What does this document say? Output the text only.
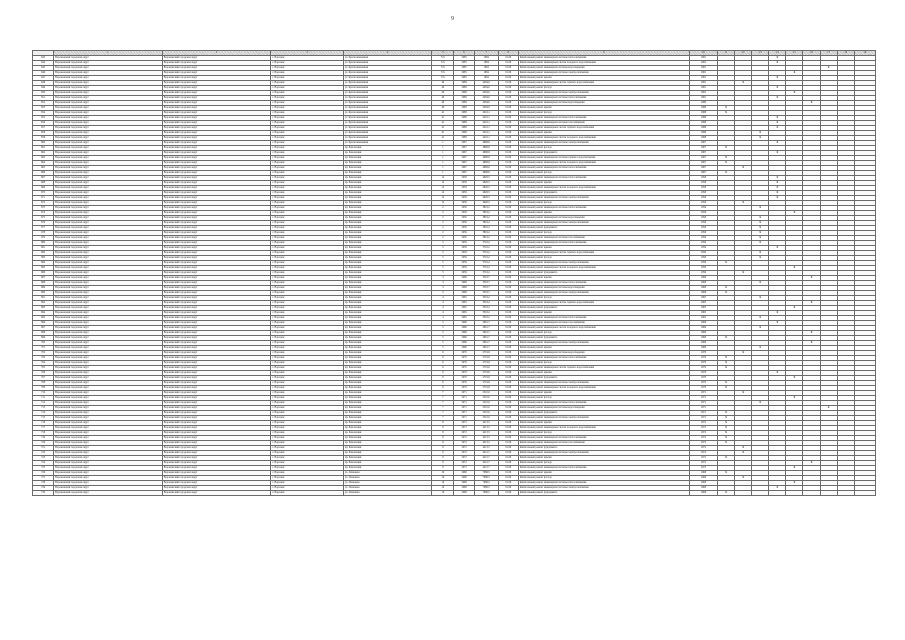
9
	1	2	3	4	5	6	7	8	9	10	11	12	13	14	15	16	17	18	19
643	Воронежский городской округ	Воронежский городской округ	г. Воронеж	ул. Краснознаменная	57а	1985	1984	01.06	Капитальный ремонт инженерной системы теплоснабжения	1981				Х					
644	Воронежский городской округ	Воронежский городской округ	г. Воронеж	ул. Краснознаменная	57а	1985	1984	01.06	Капитальный ремонт инженерных систем холодного водоснабжения	1981				Х					
645	Воронежский городской округ	Воронежский городской округ	г. Воронеж	ул. Краснознаменная	57а	1985	1984	01.06	Капитальный ремонт инженерной системы водоотведения	1981							Х		
646	Воронежский городской округ	Воронежский городской округ	г. Воронеж	ул. Краснознаменная	57а	1985	1984	01.06	Капитальный ремонт инженерной системы электроснабжения	1981					Х				
647	Воронежский городской округ	Воронежский городской округ	г. Воронеж	ул. Краснознаменная	57а	1985	1984	01.06	Капитальный ремонт крыши	1981				Х					
648	Воронежский городской округ	Воронежский городской округ	г. Воронеж	ул. Краснознаменная	40	1989	4284,0	01.06	Капитальный ремонт инженерных систем горячего водоснабжения	1981		Х							
649	Воронежский городской округ	Воронежский городской округ	г. Воронеж	ул. Краснознаменная	40	1989	4284,0	01.06	Капитальный ремонт фасада	1981				Х					
650	Воронежский городской округ	Воронежский городской округ	г. Воронеж	ул. Краснознаменная	40	1989	4284,0	01.06	Капитальный ремонт инженерной системы электроснабжения	1981					Х				
651	Воронежский городской округ	Воронежский городской округ	г. Воронеж	ул. Краснознаменная	40	1989	4284,0	01.06	Капитальный ремонт инженерной системы теплоснабжения	1981				Х					
652	Воронежский городской округ	Воронежский городской округ	г. Воронеж	ул. Краснознаменная	40	1989	4284,0	01.06	Капитальный ремонт инженерной системы водоотведения	1989						Х			
653	Воронежский городской округ	Воронежский городской округ	г. Воронеж	ул. Краснознаменная	40	1989	4284,0	01.06	Капитальный ремонт крыши	1989	Х								
654	Воронежский городской округ	Воронежский городской округ	г. Воронеж	ул. Краснознаменная	41	1988	4216,1	01.06	Капитальный ремонт фасада	1988	Х								
655	Воронежский городской округ	Воронежский городской округ	г. Воронеж	ул. Краснознаменная	41	1988	4216,1	01.06	Капитальный ремонт инженерной системы теплоснабжения	1988				Х					
656	Воронежский городской округ	Воронежский городской округ	г. Воронеж	ул. Краснознаменная	41	1988	4216,1	01.06	Капитальный ремонт инженерной системы газоснабжения	1988				Х					
657	Воронежский городской округ	Воронежский городской округ	г. Воронеж	ул. Краснознаменная	41	1988	4216,1	01.06	Капитальный ремонт инженерных систем горячего водоснабжения	1988				Х					
658	Воронежский городской округ	Воронежский городской округ	г. Воронеж	ул. Краснознаменная	41	1988	4216,1	01.06	Капитальный ремонт крыши	1988			Х						
659	Воронежский городской округ	Воронежский городской округ	г. Воронеж	ул. Краснознаменная	41	1988	4216,1	01.06	Капитальный ремонт инженерных систем холодного водоснабжения	1988			Х						
660	Воронежский городской округ	Воронежский городской округ	г. Воронеж	ул. Краснознаменная	1	1967	4868,8	01.06	Капитальный ремонт инженерной системы электроснабжения	1967				Х					
661	Воронежский городской округ	Воронежский городской округ	г. Воронеж	пр. Революции	1	1967	4868,8	01.06	Капитальный ремонт фасада	1967	Х								
662	Воронежский городской округ	Воронежский городской округ	г. Воронеж	пр. Революции	1	1967	4868,8	01.06	Капитальный ремонт фундамента	1967				Х					
663	Воронежский городской округ	Воронежский городской округ	г. Воронеж	пр. Революции	1	1967	4868,8	01.06	Капитальный ремонт инженерной системы горячего водоснабжения	1967	Х								
664	Воронежский городской округ	Воронежский городской округ	г. Воронеж	пр. Революции	1	1967	4868,8	01.06	Капитальный ремонт инженерных систем холодного водоснабжения	1967	Х								
665	Воронежский городской округ	Воронежский городской округ	г. Воронеж	пр. Революции	1	1967	4868,8	01.06	Капитальный ремонт инженерной системы теплоснабжения	1967		Х							
666	Воронежский городской округ	Воронежский городской округ	г. Воронеж	пр. Революции	1	1967	4868,8	01.06	Капитальный ремонт фасада	1967	Х								
667	Воронежский городской округ	Воронежский городской округ	г. Воронеж	пр. Революции	12	1958	4626,5	01.06	Капитальный ремонт инженерной системы теплоснабжения	1958				Х					
668	Воронежский городской округ	Воронежский городской округ	г. Воронеж	пр. Революции	12	1958	4626,5	01.06	Капитальный ремонт крыши	1958				Х					
669	Воронежский городской округ	Воронежский городской округ	г. Воронеж	пр. Революции	12	1958	4626,5	01.06	Капитальный ремонт инженерных систем холодного водоснабжения	1958				Х					
670	Воронежский городской округ	Воронежский городской округ	г. Воронеж	пр. Революции	12	1958	4626,5	01.06	Капитальный ремонт фундамента	1958				Х					
671	Воронежский городской округ	Воронежский городской округ	г. Воронеж	пр. Революции	12	1958	4626,5	01.06	Капитальный ремонт инженерной системы электроснабжения	1958				Х					
672	Воронежский городской округ	Воронежский городской округ	г. Воронеж	пр. Революции	12	1958	4626,5	01.06	Капитальный ремонт фасада	1958		Х							
673	Воронежский городской округ	Воронежский городской округ	г. Воронеж	пр. Революции	2	1956	3819,2	01.06	Капитальный ремонт инженерной системы теплоснабжения	1956			Х						
674	Воронежский городской округ	Воронежский городской округ	г. Воронеж	пр. Революции	2	1956	3819,2	01.06	Капитальный ремонт крыши	1956					Х				
675	Воронежский городской округ	Воронежский городской округ	г. Воронеж	пр. Революции	2	1956	3819,2	01.06	Капитальный ремонт инженерной системы водоотведения	1956			Х						
676	Воронежский городской округ	Воронежский городской округ	г. Воронеж	пр. Революции	2	1956	3819,2	01.06	Капитальный ремонт инженерной системы электроснабжения	1956			Х						
677	Воронежский городской округ	Воронежский городской округ	г. Воронеж	пр. Революции	2	1956	3819,2	01.06	Капитальный ремонт фундамента	1956			Х						
678	Воронежский городской округ	Воронежский городской округ	г. Воронеж	пр. Революции	2	1956	3819,2	01.06	Капитальный ремонт фасада	1956			Х						
679	Воронежский городской округ	Воронежский городской округ	г. Воронеж	пр. Революции	2	1956	3819,2	01.06	Капитальный ремонт инженерной системы газоснабжения	1956			Х						
680	Воронежский городской округ	Воронежский городской округ	г. Воронеж	пр. Революции	5	1959	3716,2	01.06	Капитальный ремонт инженерной системы теплоснабжения	1959			Х						
681	Воронежский городской округ	Воронежский городской округ	г. Воронеж	пр. Революции	5	1959	3716,2	01.06	Капитальный ремонт крыши	1959				Х					
682	Воронежский городской округ	Воронежский городской округ	г. Воронеж	пр. Революции	5	1959	3716,2	01.06	Капитальный ремонт инженерных систем горячего водоснабжения	1959			Х						
683	Воронежский городской округ	Воронежский городской округ	г. Воронеж	пр. Революции	5	1959	3716,2	01.06	Капитальный ремонт фасада	1959			Х						
684	Воронежский городской округ	Воронежский городской округ	г. Воронеж	пр. Революции	5	1959	3716,2	01.06	Капитальный ремонт инженерной системы электроснабжения	1959	Х								
685	Воронежский городской округ	Воронежский городской округ	г. Воронеж	пр. Революции	5	1959	3716,2	01.06	Капитальный ремонт инженерных систем холодного водоснабжения	1959					Х				
686	Воронежский городской округ	Воронежский городской округ	г. Воронеж	пр. Революции	5	1959	3716,2	01.06	Капитальный ремонт фундамента	1959		Х							
687	Воронежский городской округ	Воронежский городской округ	г. Воронеж	пр. Революции	3	1968	3318,7	01.06	Капитальный ремонт крыши	1968						Х			
688	Воронежский городской округ	Воронежский городской округ	г. Воронеж	пр. Революции	3	1968	3318,7	01.06	Капитальный ремонт инженерной системы теплоснабжения	1968			Х						
689	Воронежский городской округ	Воронежский городской округ	г. Воронеж	пр. Революции	3	1968	3318,7	01.06	Капитальный ремонт инженерной системы водоотведения	1968	Х								
690	Воронежский городской округ	Воронежский городской округ	г. Воронеж	пр. Революции	3	1968	3318,7	01.06	Капитальный ремонт инженерной системы электроснабжения	1968	Х								
691	Воронежский городской округ	Воронежский городской округ	г. Воронеж	пр. Революции	4	1965	3318,2	01.06	Капитальный ремонт фасада	1965			Х						
692	Воронежский городской округ	Воронежский городской округ	г. Воронеж	пр. Революции	4	1965	3318,2	01.06	Капитальный ремонт инженерных систем горячего водоснабжения	1965						Х			
693	Воронежский городской округ	Воронежский городской округ	г. Воронеж	пр. Революции	4	1965	3318,2	01.06	Капитальный ремонт фундамента	1965					Х				
694	Воронежский городской округ	Воронежский городской округ	г. Воронеж	пр. Революции	4	1965	3318,2	01.06	Капитальный ремонт крыши	1965				Х					
695	Воронежский городской округ	Воронежский городской округ	г. Воронеж	пр. Революции	4	1965	3318,2	01.06	Капитальный ремонт инженерной системы теплоснабжения	1965			Х						
696	Воронежский городской округ	Воронежский городской округ	г. Воронеж	пр. Революции	5	1966	2961,7	01.06	Капитальный ремонт инженерной системы газоснабжения	1966				Х					
697	Воронежский городской округ	Воронежский городской округ	г. Воронеж	пр. Революции	5	1966	2961,7	01.06	Капитальный ремонт инженерных систем холодного водоснабжения	1966			Х						
698	Воронежский городской округ	Воронежский городской округ	г. Воронеж	пр. Революции	5	1966	2961,7	01.06	Капитальный ремонт фасада	1966						Х			
699	Воронежский городской округ	Воронежский городской округ	г. Воронеж	пр. Революции	5	1966	2961,7	01.06	Капитальный ремонт фундамента	1966	Х								
700	Воронежский городской округ	Воронежский городской округ	г. Воронеж	пр. Революции	5	1966	2961,7	01.06	Капитальный ремонт инженерной системы электроснабжения	1966						Х			
701	Воронежский городской округ	Воронежский городской округ	г. Воронеж	пр. Революции	5	1966	2961,7	01.06	Капитальный ремонт крыши	1966			Х						
702	Воронежский городской округ	Воронежский городской округ	г. Воронеж	пр. Революции	6	1970	2719,8	01.06	Капитальный ремонт инженерной системы водоотведения	1970		Х							
703	Воронежский городской округ	Воронежский городской округ	г. Воронеж	пр. Революции	6	1970	2719,8	01.06	Капитальный ремонт инженерной системы теплоснабжения	1970	Х								
704	Воронежский городской округ	Воронежский городской округ	г. Воронеж	пр. Революции	6	1970	2719,8	01.06	Капитальный ремонт фасада	1970	Х								
705	Воронежский городской округ	Воронежский городской округ	г. Воронеж	пр. Революции	6	1970	2719,8	01.06	Капитальный ремонт инженерных систем горячего водоснабжения	1970	Х								
706	Воронежский городской округ	Воронежский городской округ	г. Воронеж	пр. Революции	6	1970	2719,8	01.06	Капитальный ремонт крыши	1970				Х					
707	Воронежский городской округ	Воронежский городской округ	г. Воронеж	пр. Революции	6	1970	2719,8	01.06	Капитальный ремонт фундамента	1970					Х				
708	Воронежский городской округ	Воронежский городской округ	г. Воронеж	пр. Революции	6	1970	2719,8	01.06	Капитальный ремонт инженерной системы электроснабжения	1970	Х								
709	Воронежский городской округ	Воронежский городской округ	г. Воронеж	пр. Революции	6	1970	2719,8	01.06	Капитальный ремонт инженерных систем холодного водоснабжения	1970	Х								
710	Воронежский городской округ	Воронежский городской округ	г. Воронеж	пр. Революции	7	1971	2510,0	01.06	Капитальный ремонт крыши	1971		Х							
711	Воронежский городской округ	Воронежский городской округ	г. Воронеж	пр. Революции	7	1971	2510,0	01.06	Капитальный ремонт фасада	1971					Х				
712	Воронежский городской округ	Воронежский городской округ	г. Воронеж	пр. Революции	7	1971	2510,0	01.06	Капитальный ремонт инженерной системы теплоснабжения	1971			Х						
713	Воронежский городской округ	Воронежский городской округ	г. Воронеж	пр. Революции	7	1971	2510,0	01.06	Капитальный ремонт инженерной системы водоотведения	1971							Х		
714	Воронежский городской округ	Воронежский городской округ	г. Воронеж	пр. Революции	7	1971	2510,0	01.06	Капитальный ремонт фундамента	1971	Х								
715	Воронежский городской округ	Воронежский городской округ	г. Воронеж	пр. Революции	7	1971	2510,0	01.06	Капитальный ремонт инженерной системы электроснабжения	1971	Х								
716	Воронежский городской округ	Воронежский городской округ	г. Воронеж	пр. Революции	8	1972	4213,5	01.06	Капитальный ремонт крыши	1972	Х								
717	Воронежский городской округ	Воронежский городской округ	г. Воронеж	пр. Революции	8	1972	4213,5	01.06	Капитальный ремонт инженерных систем холодного водоснабжения	1972	Х								
718	Воронежский городской округ	Воронежский городской округ	г. Воронеж	пр. Революции	8	1972	4213,5	01.06	Капитальный ремонт фасада	1972	Х								
719	Воронежский городской округ	Воронежский городской округ	г. Воронеж	пр. Революции	8	1972	4213,5	01.06	Капитальный ремонт инженерной системы теплоснабжения	1972	Х								
720	Воронежский городской округ	Воронежский городской округ	г. Воронеж	пр. Революции	8	1972	4213,5	01.06	Капитальный ремонт инженерной системы газоснабжения	1972	Х								
721	Воронежский городской округ	Воронежский городской округ	г. Воронеж	пр. Революции	8	1972	4213,5	01.06	Капитальный ремонт фундамента	1972		Х							
722	Воронежский городской округ	Воронежский городской округ	г. Воронеж	пр. Революции	9	1972	4221,7	01.06	Капитальный ремонт инженерной системы электроснабжения	1972		Х							
723	Воронежский городской округ	Воронежский городской округ	г. Воронеж	пр. Революции	9	1972	4221,7	01.06	Капитальный ремонт крыши	1972	Х								
724	Воронежский городской округ	Воронежский городской округ	г. Воронеж	пр. Революции	9	1972	4221,7	01.06	Капитальный ремонт фасада	1972						Х			
725	Воронежский городской округ	Воронежский городской округ	г. Воронеж	пр. Революции	9	1972	4221,7	01.06	Капитальный ремонт инженерной системы теплоснабжения	1972					Х				
726	Воронежский городской округ	Воронежский городской округ	г. Воронеж	ул. Лизюкова	10	1968	7086,5	01.06	Капитальный ремонт крыши	1968	Х								
727	Воронежский городской округ	Воронежский городской округ	г. Воронеж	ул. Лизюкова	10	1968	7086,5	01.06	Капитальный ремонт фасада	1968		Х							
728	Воронежский городской округ	Воронежский городской округ	г. Воронеж	ул. Лизюкова	10	1968	7086,5	01.06	Капитальный ремонт инженерной системы теплоснабжения	1968					Х				
729	Воронежский городской округ	Воронежский городской округ	г. Воронеж	ул. Лизюкова	10	1968	7086,5	01.06	Капитальный ремонт инженерной системы электроснабжения	1968				Х					
730	Воронежский городской округ	Воронежский городской округ	г. Воронеж	ул. Лизюкова	10	1968	7086,5	01.06	Капитальный ремонт фундамента	1968	Х								
